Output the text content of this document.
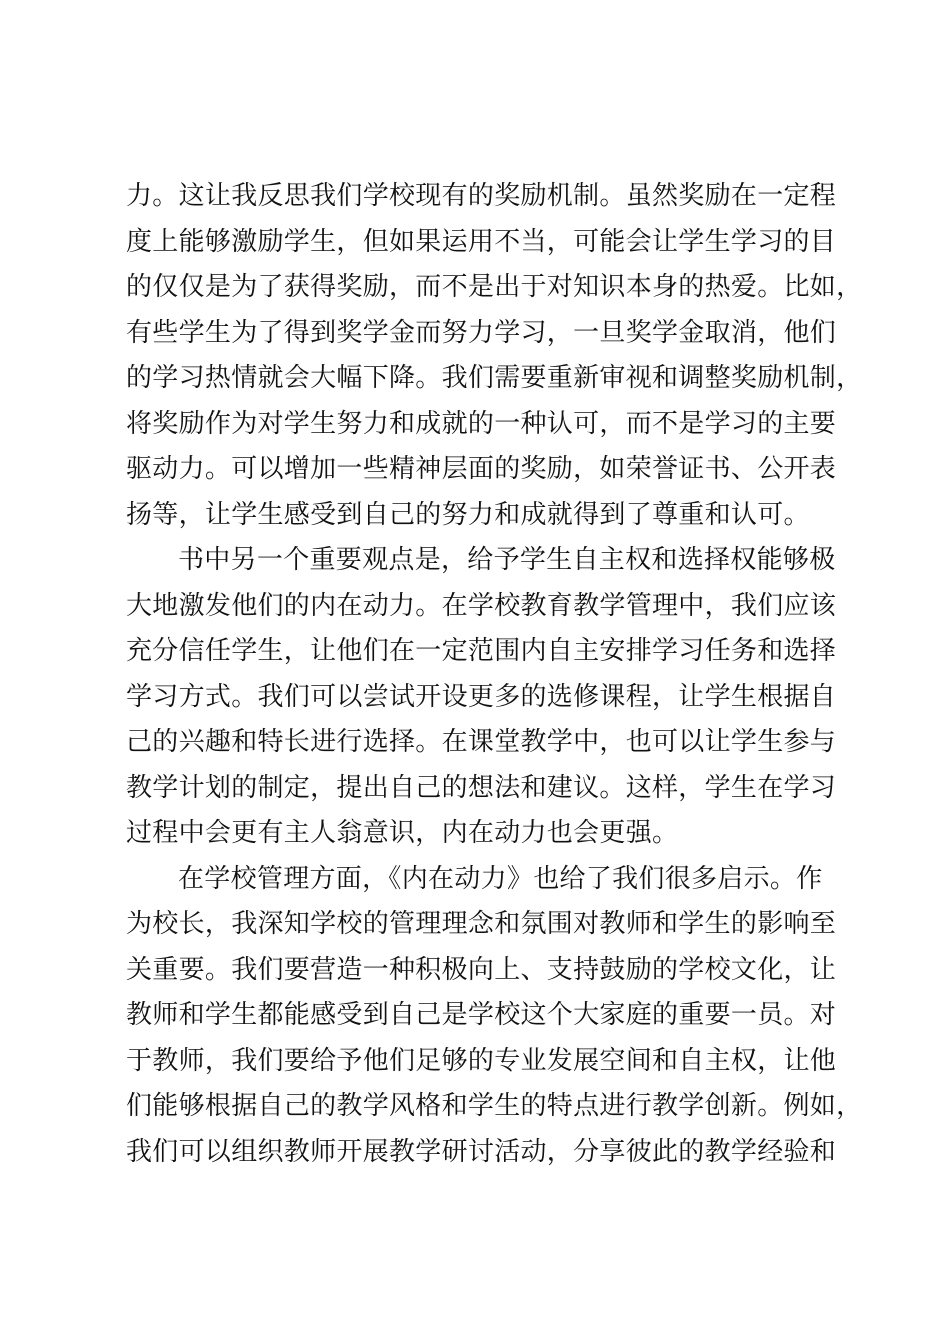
力。这让我反思我们学校现有的奖励机制。虽然奖励在一定程
度上能够激励学生，但如果运用不当，可能会让学生学习的目
的仅仅是为了获得奖励，而不是出于对知识本身的热爱。比如，
有些学生为了得到奖学金而努力学习，一旦奖学金取消，他们
的学习热情就会大幅下降。我们需要重新审视和调整奖励机制，
将奖励作为对学生努力和成就的一种认可，而不是学习的主要
驱动力。可以增加一些精神层面的奖励，如荣誉证书、公开表
扬等，让学生感受到自己的努力和成就得到了尊重和认可。
书中另一个重要观点是，给予学生自主权和选择权能够极
大地激发他们的内在动力。在学校教育教学管理中，我们应该
充分信任学生，让他们在一定范围内自主安排学习任务和选择
学习方式。我们可以尝试开设更多的选修课程，让学生根据自
己的兴趣和特长进行选择。在课堂教学中，也可以让学生参与
教学计划的制定，提出自己的想法和建议。这样，学生在学习
过程中会更有主人翁意识，内在动力也会更强。
在学校管理方面，《内在动力》也给了我们很多启示。作
为校长，我深知学校的管理理念和氛围对教师和学生的影响至
关重要。我们要营造一种积极向上、支持鼓励的学校文化，让
教师和学生都能感受到自己是学校这个大家庭的重要一员。对
于教师，我们要给予他们足够的专业发展空间和自主权，让他
们能够根据自己的教学风格和学生的特点进行教学创新。例如，
我们可以组织教师开展教学研讨活动，分享彼此的教学经验和
